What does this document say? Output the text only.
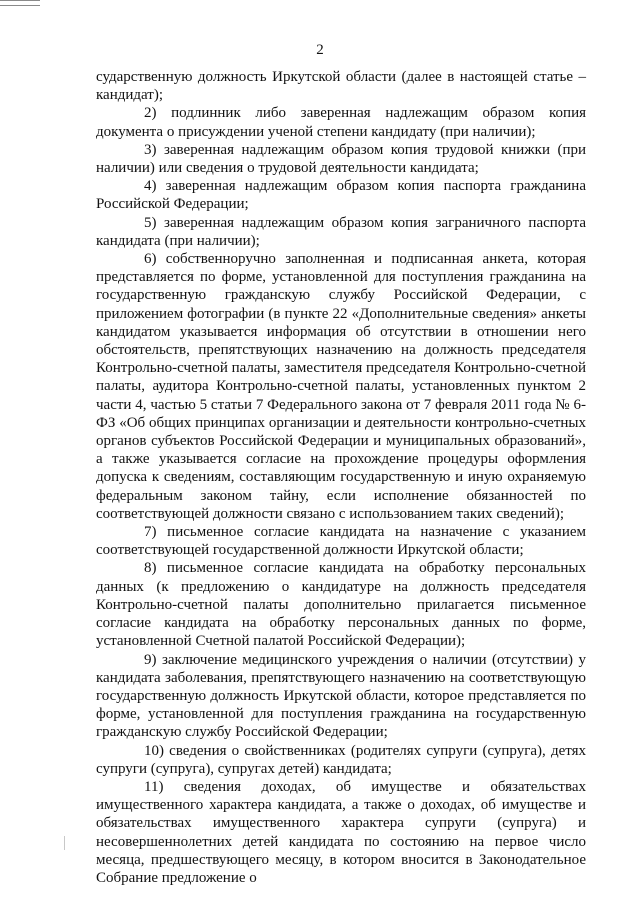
2

сударственную должность Иркутской области (далее в настоящей статье – кандидат);

2) подлинник либо заверенная надлежащим образом копия документа о присуждении ученой степени кандидату (при наличии);

3) заверенная надлежащим образом копия трудовой книжки (при наличии) или сведения о трудовой деятельности кандидата;

4) заверенная надлежащим образом копия паспорта гражданина Российской Федерации;

5) заверенная надлежащим образом копия заграничного паспорта кандидата (при наличии);

6) собственноручно заполненная и подписанная анкета, которая представляется по форме, установленной для поступления гражданина на государственную гражданскую службу Российской Федерации, с приложением фотографии (в пункте 22 «Дополнительные сведения» анкеты кандидатом указывается информация об отсутствии в отношении него обстоятельств, препятствующих назначению на должность председателя Контрольно-счетной палаты, заместителя председателя Контрольно-счетной палаты, аудитора Контрольно-счетной палаты, установленных пунктом 2 части 4, частью 5 статьи 7 Федерального закона от 7 февраля 2011 года № 6-ФЗ «Об общих принципах организации и деятельности контрольно-счетных органов субъектов Российской Федерации и муниципальных образований», а также указывается согласие на прохождение процедуры оформления допуска к сведениям, составляющим государственную и иную охраняемую федеральным законом тайну, если исполнение обязанностей по соответствующей должности связано с использованием таких сведений);

7) письменное согласие кандидата на назначение с указанием соответствующей государственной должности Иркутской области;

8) письменное согласие кандидата на обработку персональных данных (к предложению о кандидатуре на должность председателя Контрольно-счетной палаты дополнительно прилагается письменное согласие кандидата на обработку персональных данных по форме, установленной Счетной палатой Российской Федерации);

9) заключение медицинского учреждения о наличии (отсутствии) у кандидата заболевания, препятствующего назначению на соответствующую государственную должность Иркутской области, которое представляется по форме, установленной для поступления гражданина на государственную гражданскую службу Российской Федерации;

10) сведения о свойственниках (родителях супруги (супруга), детях супруги (супруга), супругах детей) кандидата;

11) сведения доходах, об имуществе и обязательствах имущественного характера кандидата, а также о доходах, об имуществе и обязательствах имущественного характера супруги (супруга) и несовершеннолетних детей кандидата по состоянию на первое число месяца, предшествующего месяцу, в котором вносится в Законодательное Собрание предложение о
